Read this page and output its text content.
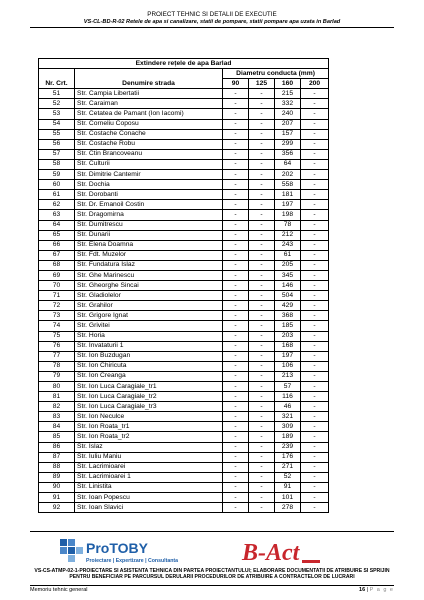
PROIECT TEHNIC SI DETALII DE EXECUTIE
VS-CL-BD-R-02 Retele de apa si canalizare, statii de pompare, statii pompare apa uzata in Barlad
Extindere rețele de apa Barlad					
Nr. Crt.	Denumire strada	Diametru conducta (mm)			
		90	125	160	200
51	Str. Campia Libertatii	-	-	215	-
52	Str. Caraiman	-	-	332	-
53	Str. Cetatea de Pamant (Ion Iacomi)	-	-	240	-
54	Str. Corneliu Coposu	-	-	207	-
55	Str. Costache Conache	-	-	157	-
56	Str. Costache Robu	-	-	299	-
57	Str. Ctin Brancoveanu	-	-	356	-
58	Str. Culturii	-	-	64	-
59	Str. Dimitrie Cantemir	-	-	202	-
60	Str. Dochia	-	-	558	-
61	Str. Dorobanti	-	-	181	-
62	Str. Dr. Emanoil Costin	-	-	197	-
63	Str. Dragomirna	-	-	198	-
64	Str. Dumitrescu	-	-	78	-
65	Str. Dunarii	-	-	212	-
66	Str. Elena Doamna	-	-	243	-
67	Str. Fdt. Muzelor	-	-	61	-
68	Str. Fundatura Islaz	-	-	205	-
69	Str. Ghe Marinescu	-	-	345	-
70	Str. Gheorghe Sincai	-	-	146	-
71	Str. Gladiolelor	-	-	504	-
72	Str. Grahilor	-	-	429	-
73	Str. Grigore Ignat	-	-	368	-
74	Str. Grivitei	-	-	185	-
75	Str. Horia	-	-	203	-
76	Str. Invataturii 1	-	-	168	-
77	Str. Ion Buzdugan	-	-	197	-
78	Str. Ion Chiricuta	-	-	106	-
79	Str. Ion Creanga	-	-	213	-
80	Str. Ion Luca Caragiale_tr1	-	-	57	-
81	Str. Ion Luca Caragiale_tr2	-	-	116	-
82	Str. Ion Luca Caragiale_tr3	-	-	46	-
83	Str. Ion Neculce	-	-	321	-
84	Str. Ion Roata_tr1	-	-	309	-
85	Str. Ion Roata_tr2	-	-	189	-
86	Str. Islaz	-	-	239	-
87	Str. Iuliu Maniu	-	-	176	-
88	Str. Lacrimioarei	-	-	271	-
89	Str. Lacrimioarei 1	-	-	52	-
90	Str. Linistita	-	-	91	-
91	Str. Ioan Popescu	-	-	101	-
92	Str. Ioan Slavici	-	-	278	-
ProTOBY
Proiectare | Expertizare | Consultanta	B-Act
VS-CS-ATMP-02-1-PROIECTARE SI ASISTENTA TEHNICA DIN PARTEA PROIECTANTULUI; ELABORARE DOCUMENTATII DE ATRIBUIRE SI SPRIJIN PENTRU BENEFICIAR PE PARCURSUL DERULARII PROCEDURILOR DE ATRIBUIRE A CONTRACTELOR DE LUCRARI
Memoriu tehnic general	16 | P a g e
